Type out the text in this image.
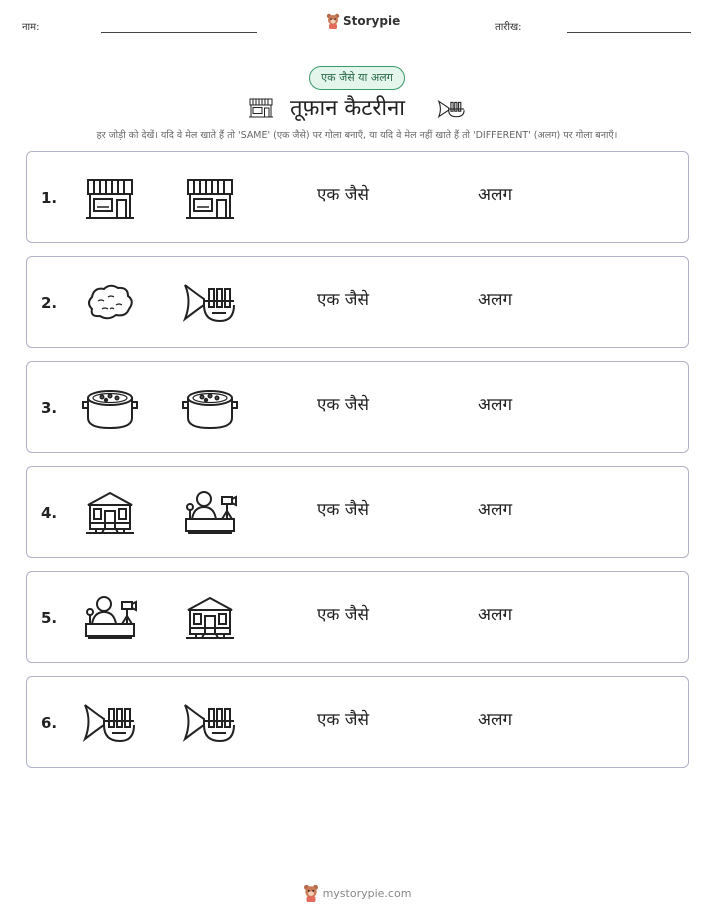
नाम:	Storypie	तारीख:
एक जैसे या अलग
तूफ़ान कैटरीना
हर जोड़ी को देखें। यदि वे मेल खाते हैं तो 'SAME' (एक जैसे) पर गोला बनाएँ, या यदि वे मेल नहीं खाते हैं तो 'DIFFERENT' (अलग) पर गोला बनाएँ।
1.	एक जैसे	अलग
2.	एक जैसे	अलग
3.	एक जैसे	अलग
4.	एक जैसे	अलग
5.	एक जैसे	अलग
6.	एक जैसे	अलग
mystorypie.com
